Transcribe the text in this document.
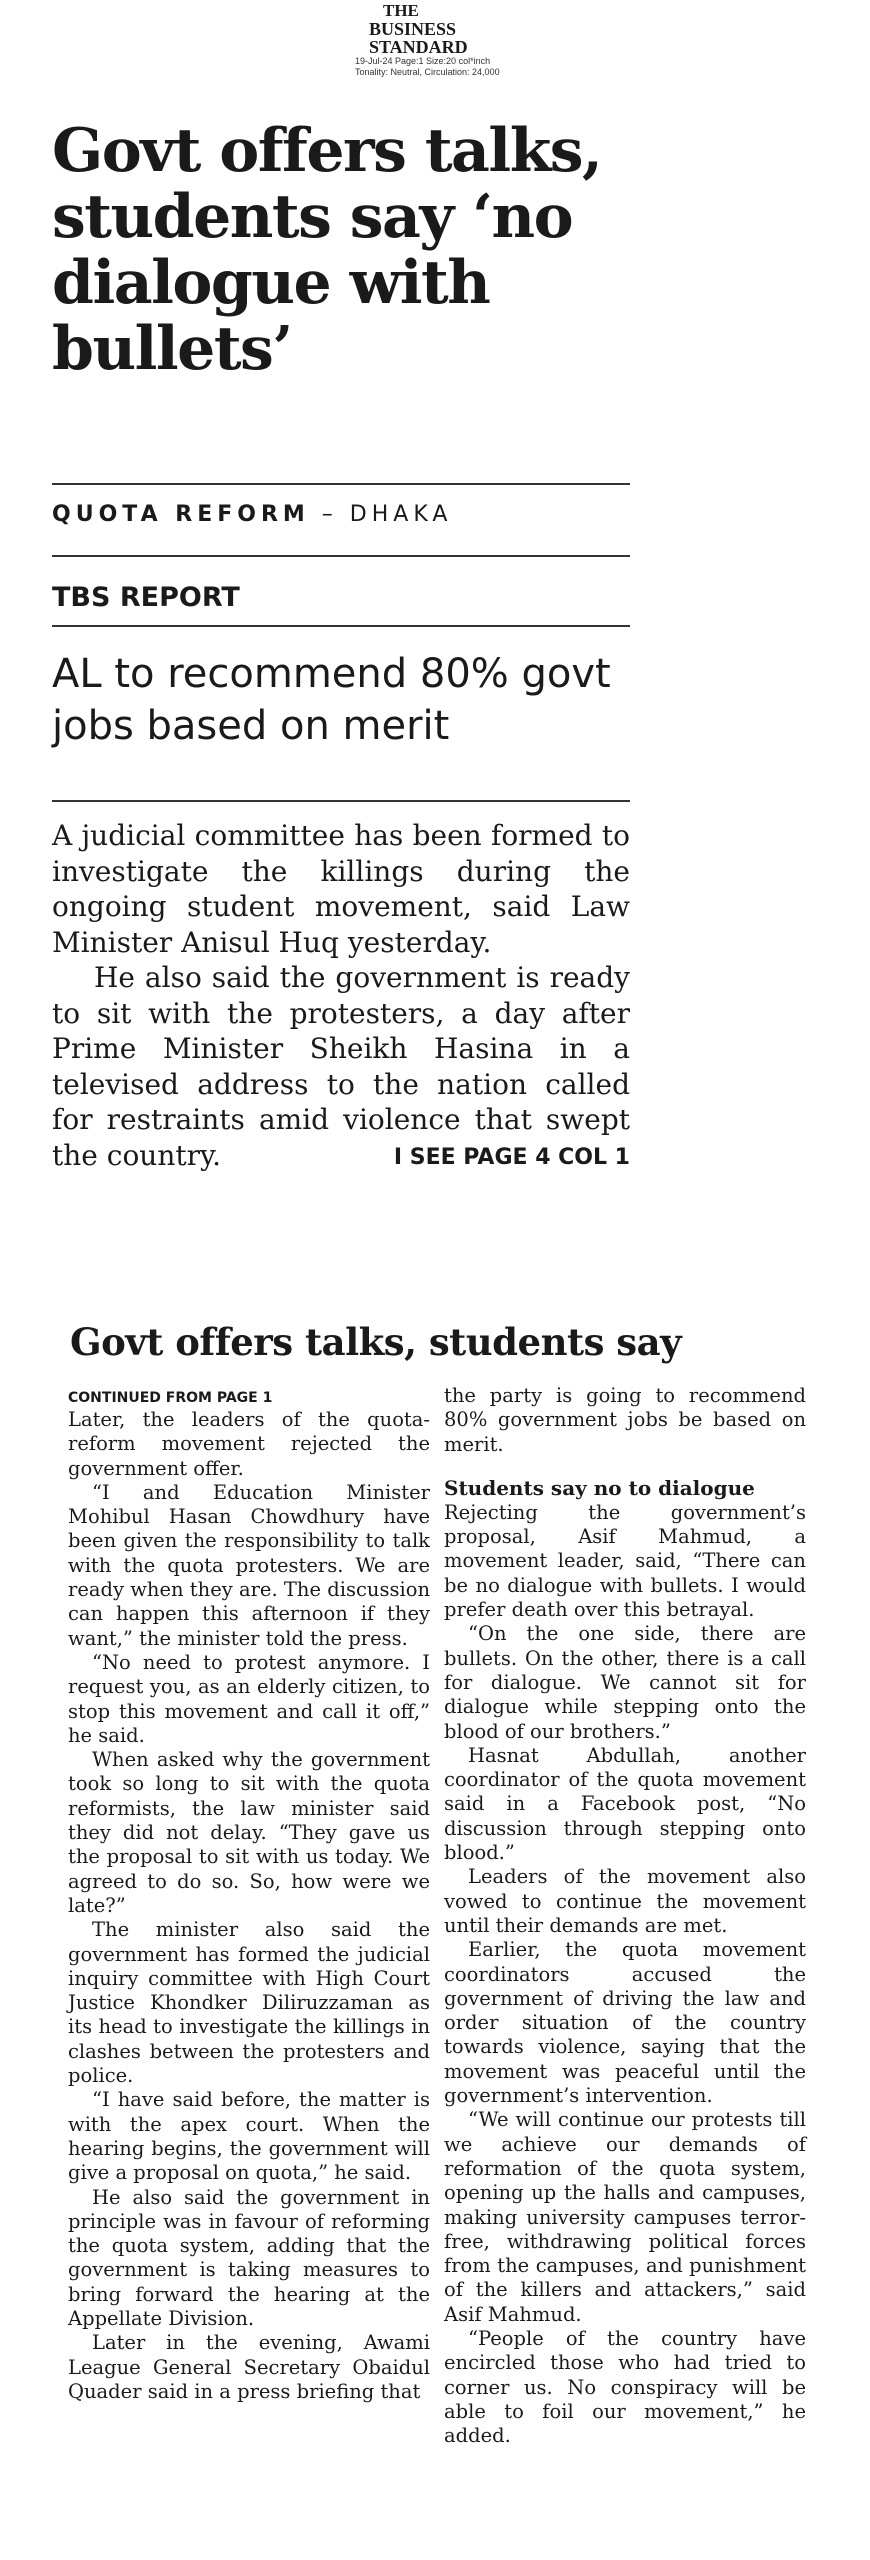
THE
BUSINESS
STANDARD
19-Jul-24 Page:1 Size:20 col*inch
Tonality: Neutral, Circulation: 24,000
Govt offers talks, students say ‘no dialogue with bullets’
QUOTA REFORM – DHAKA
TBS REPORT
AL to recommend 80% govt jobs based on merit

A judicial committee has been formed to investigate the killings during the ongoing student movement, said Law Minister Anisul Huq yesterday.

He also said the government is ready to sit with the protesters, a day after Prime Minister Sheikh Hasina in a televised address to the nation called for restraints amid violence that swept the country.	I SEE PAGE 4 COL 1

Govt offers talks, students say
CONTINUED FROM PAGE 1

Later, the leaders of the quota-reform movement rejected the government offer.

“I and Education Minister Mohibul Hasan Chowdhury have been given the responsibility to talk with the quota protesters. We are ready when they are. The discussion can happen this afternoon if they want,” the minister told the press.

“No need to protest anymore. I request you, as an elderly citizen, to stop this movement and call it off,” he said.

When asked why the government took so long to sit with the quota reformists, the law minister said they did not delay. “They gave us the proposal to sit with us today. We agreed to do so. So, how were we late?”

The minister also said the government has formed the judicial inquiry committee with High Court Justice Khondker Diliruzzaman as its head to investigate the killings in clashes between the protesters and police.

“I have said before, the matter is with the apex court. When the hearing begins, the government will give a proposal on quota,” he said.

He also said the government in principle was in favour of reforming the quota system, adding that the government is taking measures to bring forward the hearing at the Appellate Division.

Later in the evening, Awami League General Secretary Obaidul Quader said in a press briefing that

the party is going to recommend 80% government jobs be based on merit.

Students say no to dialogue

Rejecting the government’s proposal, Asif Mahmud, a movement leader, said, “There can be no dialogue with bullets. I would prefer death over this betrayal.

“On the one side, there are bullets. On the other, there is a call for dialogue. We cannot sit for dialogue while stepping onto the blood of our brothers.”

Hasnat Abdullah, another coordinator of the quota movement said in a Facebook post, “No discussion through stepping onto blood.”

Leaders of the movement also vowed to continue the movement until their demands are met.

Earlier, the quota movement coordinators accused the government of driving the law and order situation of the country towards violence, saying that the movement was peaceful until the government’s intervention.

“We will continue our protests till we achieve our demands of reformation of the quota system, opening up the halls and campuses, making university campuses terror-free, withdrawing political forces from the campuses, and punishment of the killers and attackers,” said Asif Mahmud.

“People of the country have encircled those who had tried to corner us. No conspiracy will be able to foil our movement,” he added.
